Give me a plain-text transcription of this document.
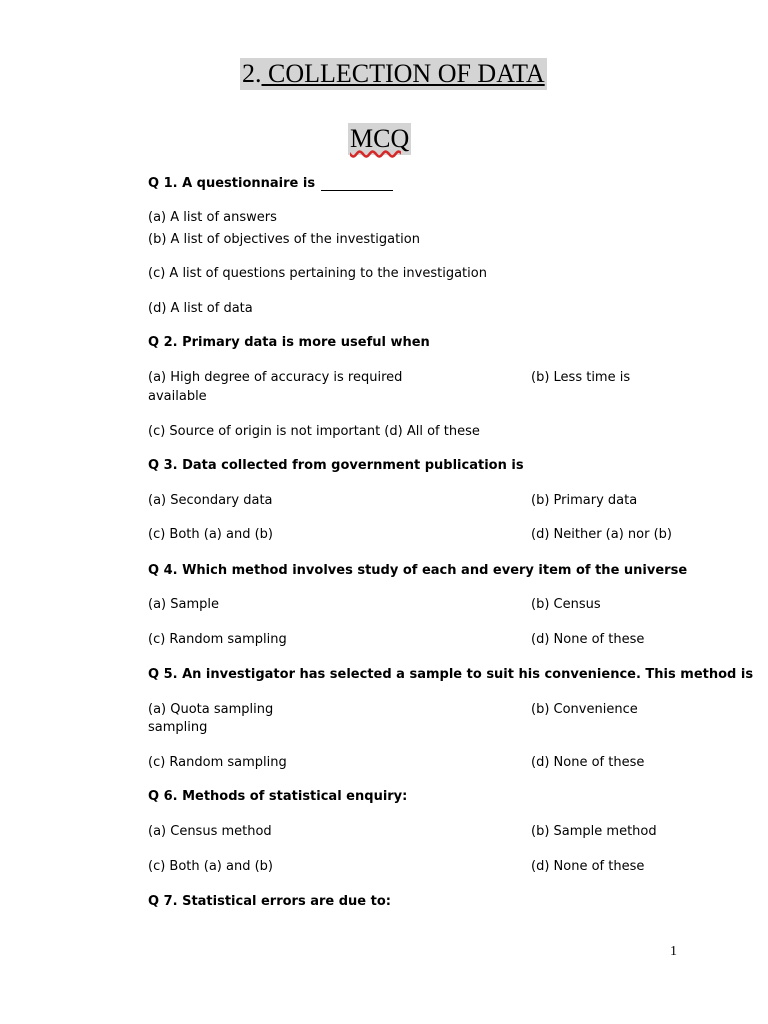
2. COLLECTION OF DATA
MCQ
Q 1. A questionnaire is
(a) A list of answers
(b) A list of objectives of the investigation
(c) A list of questions pertaining to the investigation
(d) A list of data
Q 2. Primary data is more useful when
(a) High degree of accuracy is required	(b) Less time is
available
(c) Source of origin is not important (d) All of these
Q 3. Data collected from government publication is
(a) Secondary data	(b) Primary data
(c) Both (a) and (b)	(d) Neither (a) nor (b)
Q 4. Which method involves study of each and every item of the universe
(a) Sample	(b) Census
(c) Random sampling	(d) None of these
Q 5. An investigator has selected a sample to suit his convenience. This method is
(a) Quota sampling	(b) Convenience
sampling
(c) Random sampling	(d) None of these
Q 6. Methods of statistical enquiry:
(a) Census method	(b) Sample method
(c) Both (a) and (b)	(d) None of these
Q 7. Statistical errors are due to:
1
